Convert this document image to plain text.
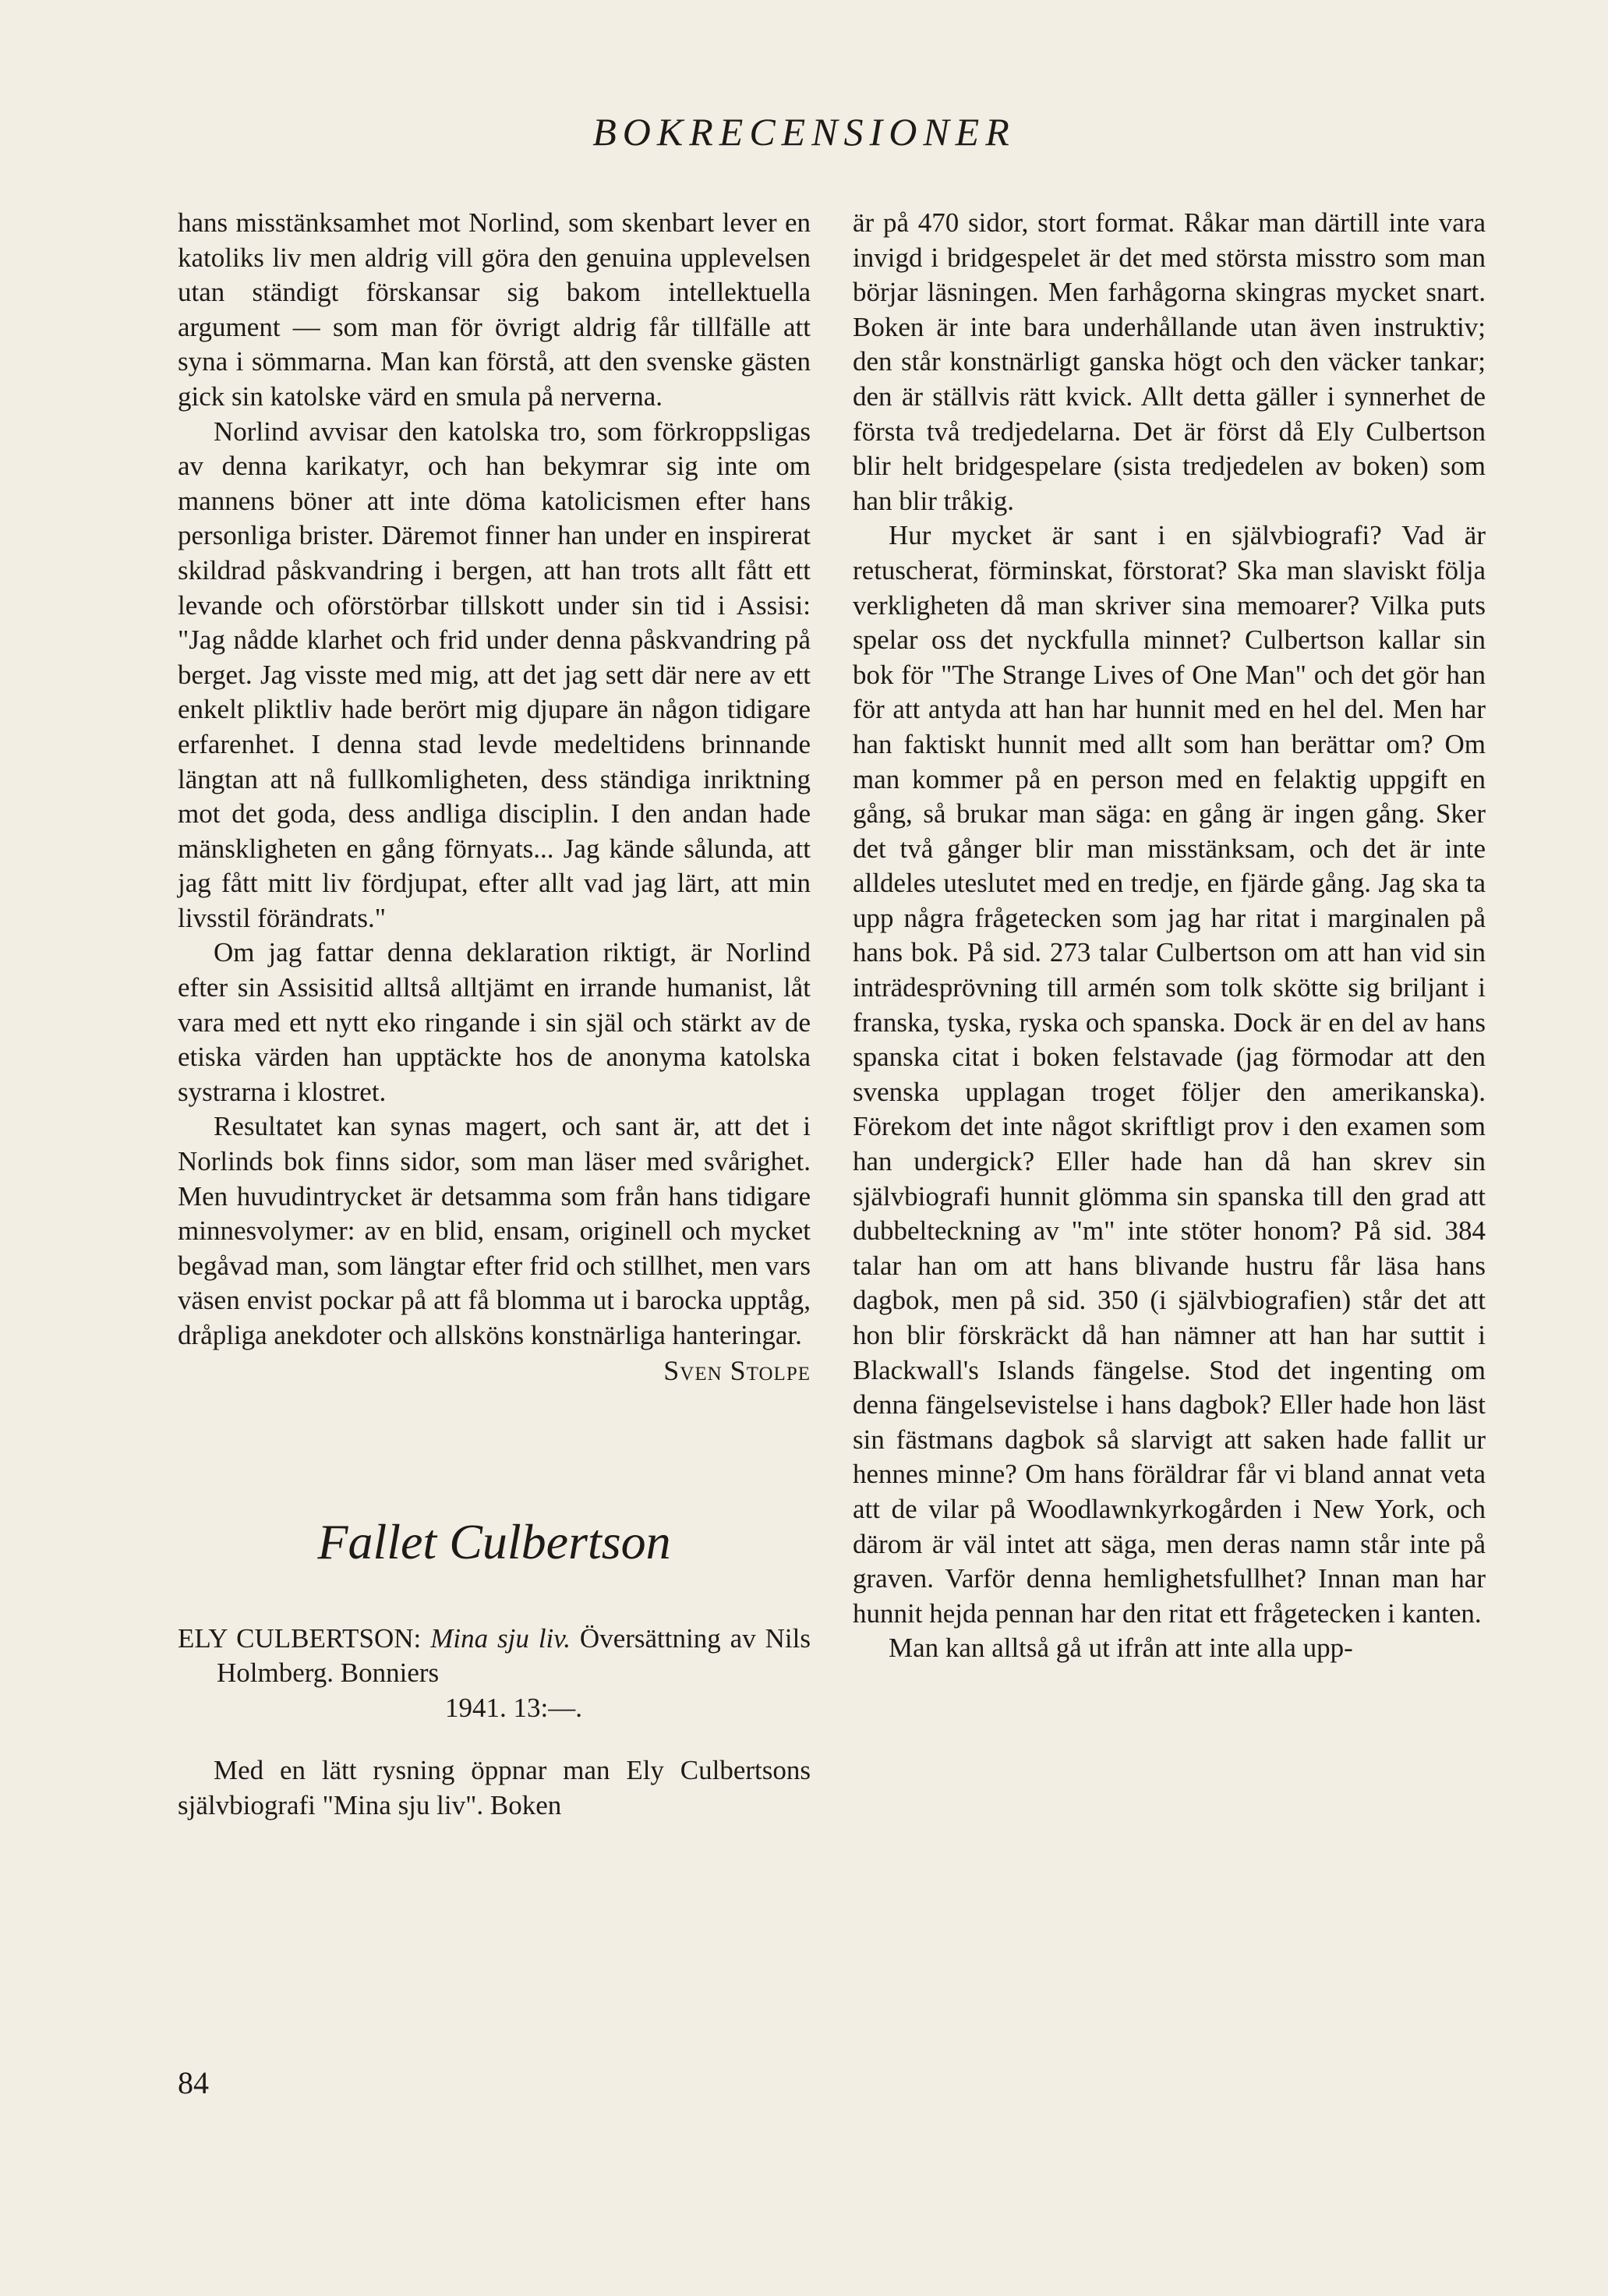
BOKRECENSIONER

hans misstänksamhet mot Norlind, som skenbart lever en katoliks liv men aldrig vill göra den genuina upplevelsen utan ständigt förskansar sig bakom intellektuella argument — som man för övrigt aldrig får tillfälle att syna i sömmarna. Man kan förstå, att den svenske gästen gick sin katolske värd en smula på nerverna.

Norlind avvisar den katolska tro, som förkroppsligas av denna karikatyr, och han bekymrar sig inte om mannens böner att inte döma katolicismen efter hans personliga brister. Däremot finner han under en inspirerat skildrad påskvandring i bergen, att han trots allt fått ett levande och oförstörbar tillskott under sin tid i Assisi: "Jag nådde klarhet och frid under denna påskvandring på berget. Jag visste med mig, att det jag sett där nere av ett enkelt pliktliv hade berört mig djupare än någon tidigare erfarenhet. I denna stad levde medeltidens brinnande längtan att nå fullkomligheten, dess ständiga inriktning mot det goda, dess andliga disciplin. I den andan hade mänskligheten en gång förnyats... Jag kände sålunda, att jag fått mitt liv fördjupat, efter allt vad jag lärt, att min livsstil förändrats."

Om jag fattar denna deklaration riktigt, är Norlind efter sin Assisitid alltså alltjämt en irrande humanist, låt vara med ett nytt eko ringande i sin själ och stärkt av de etiska värden han upptäckte hos de anonyma katolska systrarna i klostret.

Resultatet kan synas magert, och sant är, att det i Norlinds bok finns sidor, som man läser med svårighet. Men huvudintrycket är detsamma som från hans tidigare minnesvolymer: av en blid, ensam, originell och mycket begåvad man, som längtar efter frid och stillhet, men vars väsen envist pockar på att få blomma ut i barocka upptåg, dråpliga anekdoter och allsköns konstnärliga hanteringar.

Sven Stolpe
Fallet Culbertson
ELY CULBERTSON: Mina sju liv. Översättning av Nils Holmberg. Bonniers
1941. 13:—.

Med en lätt rysning öppnar man Ely Culbertsons självbiografi "Mina sju liv". Boken

är på 470 sidor, stort format. Råkar man därtill inte vara invigd i bridgespelet är det med största misstro som man börjar läsningen. Men farhågorna skingras mycket snart. Boken är inte bara underhållande utan även instruktiv; den står konstnärligt ganska högt och den väcker tankar; den är ställvis rätt kvick. Allt detta gäller i synnerhet de första två tredjedelarna. Det är först då Ely Culbertson blir helt bridgespelare (sista tredjedelen av boken) som han blir tråkig.

Hur mycket är sant i en självbiografi? Vad är retuscherat, förminskat, förstorat? Ska man slaviskt följa verkligheten då man skriver sina memoarer? Vilka puts spelar oss det nyckfulla minnet? Culbertson kallar sin bok för "The Strange Lives of One Man" och det gör han för att antyda att han har hunnit med en hel del. Men har han faktiskt hunnit med allt som han berättar om? Om man kommer på en person med en felaktig uppgift en gång, så brukar man säga: en gång är ingen gång. Sker det två gånger blir man misstänksam, och det är inte alldeles uteslutet med en tredje, en fjärde gång. Jag ska ta upp några frågetecken som jag har ritat i marginalen på hans bok. På sid. 273 talar Culbertson om att han vid sin inträdesprövning till armén som tolk skötte sig briljant i franska, tyska, ryska och spanska. Dock är en del av hans spanska citat i boken felstavade (jag förmodar att den svenska upplagan troget följer den amerikanska). Förekom det inte något skriftligt prov i den examen som han undergick? Eller hade han då han skrev sin självbiografi hunnit glömma sin spanska till den grad att dubbelteckning av "m" inte stöter honom? På sid. 384 talar han om att hans blivande hustru får läsa hans dagbok, men på sid. 350 (i självbiografien) står det att hon blir förskräckt då han nämner att han har suttit i Blackwall's Islands fängelse. Stod det ingenting om denna fängelsevistelse i hans dagbok? Eller hade hon läst sin fästmans dagbok så slarvigt att saken hade fallit ur hennes minne? Om hans föräldrar får vi bland annat veta att de vilar på Woodlawnkyrkogården i New York, och därom är väl intet att säga, men deras namn står inte på graven. Varför denna hemlighetsfullhet? Innan man har hunnit hejda pennan har den ritat ett frågetecken i kanten.

Man kan alltså gå ut ifrån att inte alla upp-

84
